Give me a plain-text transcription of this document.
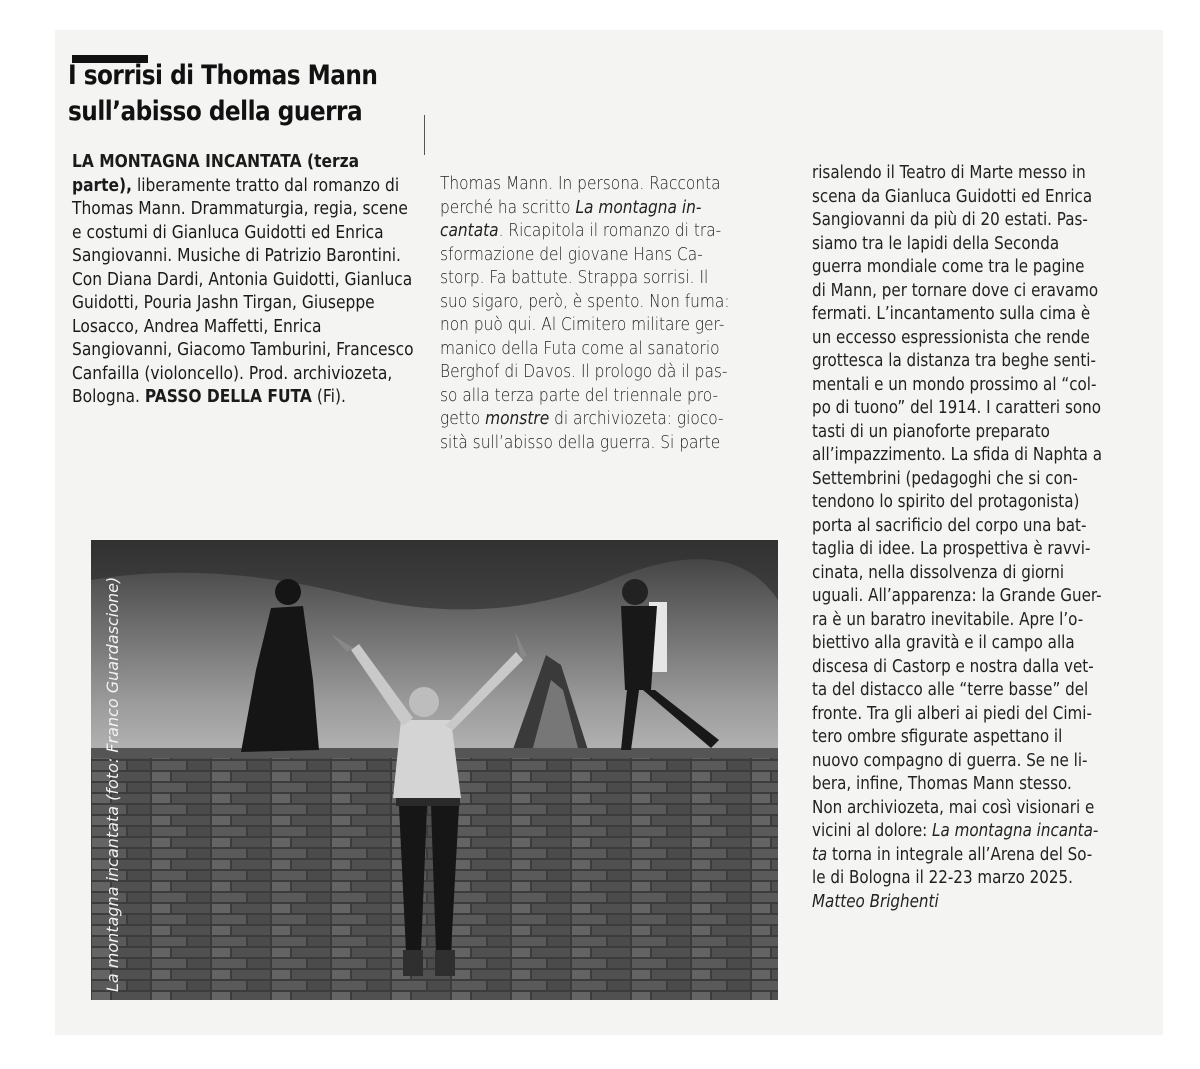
I sorrisi di Thomas Mann
sull’abisso della guerra
LA MONTAGNA INCANTATA (terza parte), liberamente tratto dal romanzo di Thomas Mann. Drammaturgia, regia, scene e costumi di Gianluca Guidotti ed Enrica Sangiovanni. Musiche di Patrizio Barontini. Con Diana Dardi, Antonia Guidotti, Gianluca Guidotti, Pouria Jashn Tirgan, Giuseppe Losacco, Andrea Maffetti, Enrica Sangiovanni, Giacomo Tamburini, Francesco Canfailla (violoncello). Prod. archiviozeta, Bologna. PASSO DELLA FUTA (Fi).
Thomas Mann. In persona. Racconta
perché ha scritto La montagna in-
cantata. Ricapitola il romanzo di tra-
sformazione del giovane Hans Ca-
storp. Fa battute. Strappa sorrisi. Il
suo sigaro, però, è spento. Non fuma:
non può qui. Al Cimitero militare ger-
manico della Futa come al sanatorio
Berghof di Davos. Il prologo dà il pas-
so alla terza parte del triennale pro-
getto monstre di archiviozeta: gioco-
sità sull’abisso della guerra. Si parte
risalendo il Teatro di Marte messo in
scena da Gianluca Guidotti ed Enrica
Sangiovanni da più di 20 estati. Pas-
siamo tra le lapidi della Seconda
guerra mondiale come tra le pagine
di Mann, per tornare dove ci eravamo
fermati. L’incantamento sulla cima è
un eccesso espressionista che rende
grottesca la distanza tra beghe senti-
mentali e un mondo prossimo al “col-
po di tuono” del 1914. I caratteri sono
tasti di un pianoforte preparato
all’impazzimento. La sfida di Naphta a
Settembrini (pedagoghi che si con-
tendono lo spirito del protagonista)
porta al sacrificio del corpo una bat-
taglia di idee. La prospettiva è ravvi-
cinata, nella dissolvenza di giorni
uguali. All’apparenza: la Grande Guer-
ra è un baratro inevitabile. Apre l’o-
biettivo alla gravità e il campo alla
discesa di Castorp e nostra dalla vet-
ta del distacco alle “terre basse” del
fronte. Tra gli alberi ai piedi del Cimi-
tero ombre sfigurate aspettano il
nuovo compagno di guerra. Se ne li-
bera, infine, Thomas Mann stesso.
Non archiviozeta, mai così visionari e
vicini al dolore: La montagna incanta-
ta torna in integrale all’Arena del So-
le di Bologna il 22-23 marzo 2025.
Matteo Brighenti
La montagna incantata (foto: Franco Guardascione)
